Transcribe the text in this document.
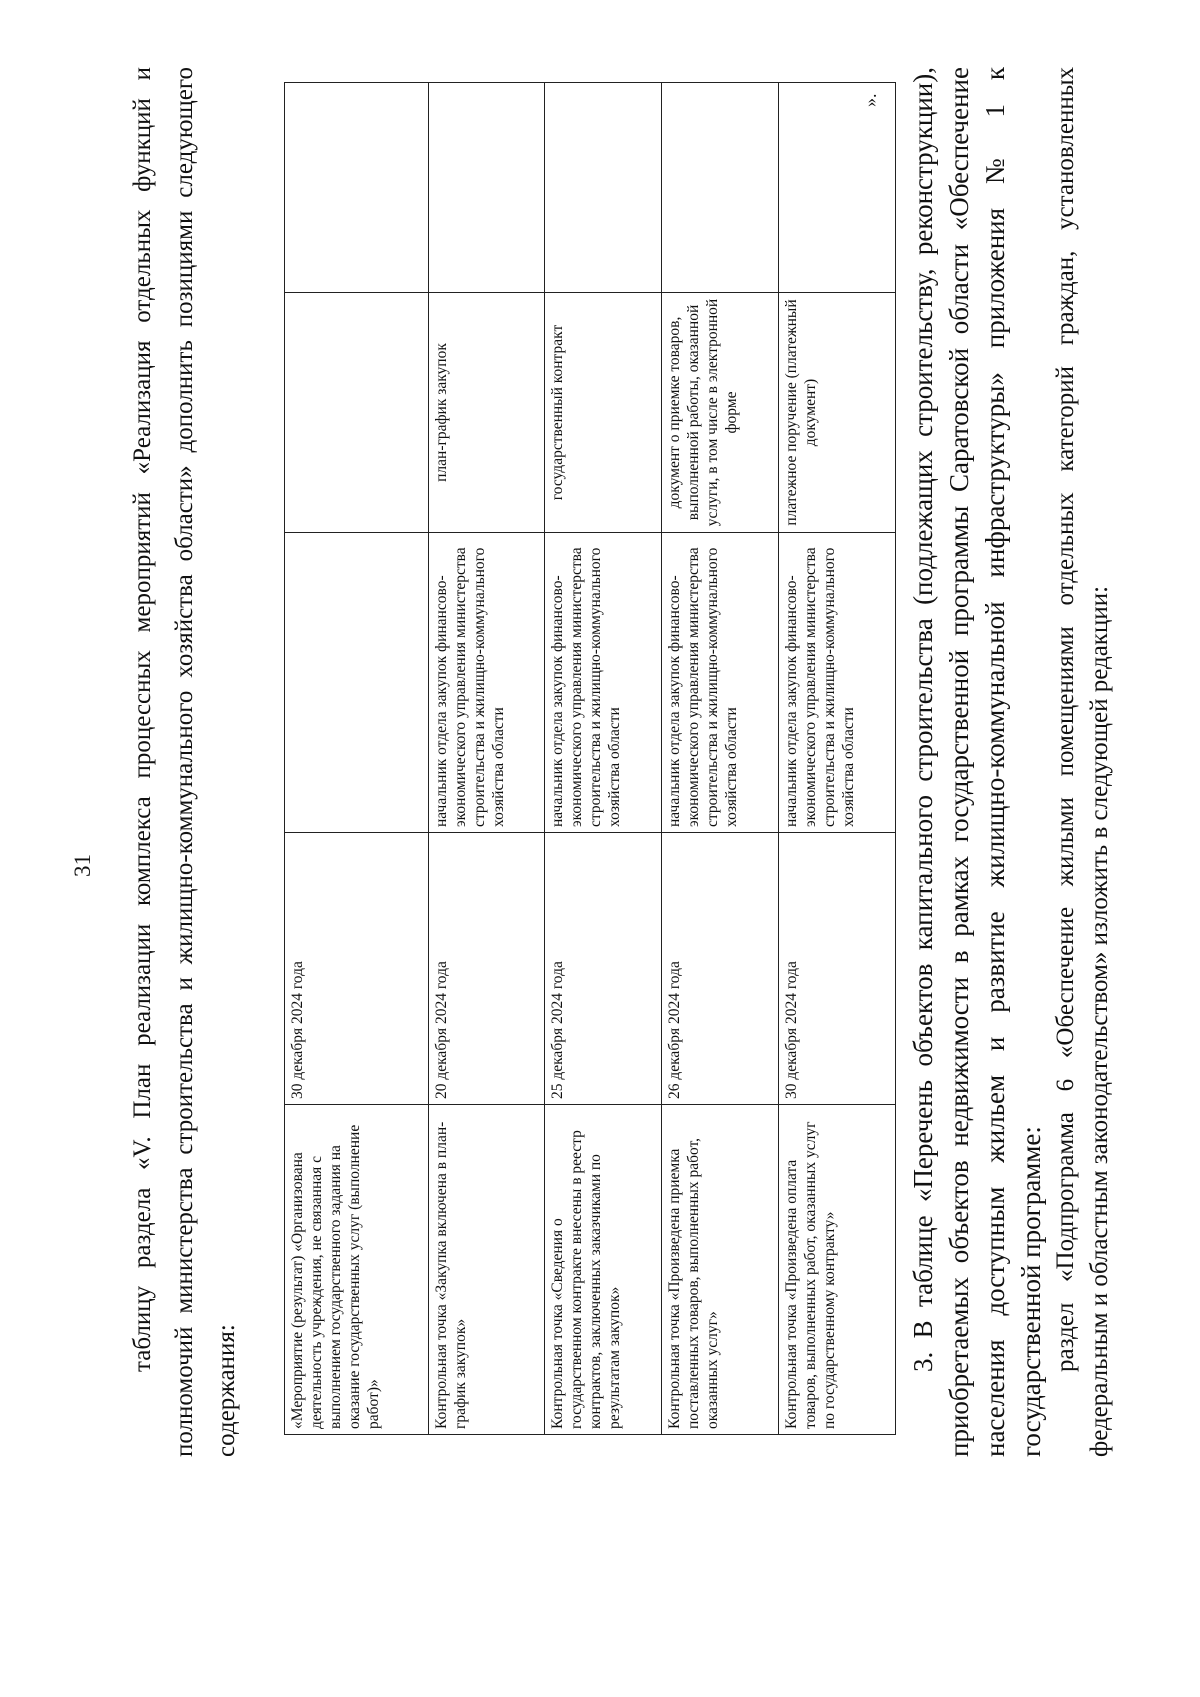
31 таблицу раздела «V. План реализации комплекса процессных мероприятий «Реализация отдельных функций и полномочий министерства строительства и жилищно-коммунального хозяйства области» дополнить позициями следующего содержания:	«Мероприятие (результат) «Организована деятельность учреждения, не связанная с выполнением государственного задания на оказание государственных услуг (выполнение работ)»	30 декабря 2024 года			
Контрольная точка «Закупка включена в план-график закупок»	20 декабря 2024 года	начальник отдела закупок финансово-экономического управления министерства строительства и жилищно-коммунального хозяйства области	план-график закупок	
Контрольная точка «Сведения о государственном контракте внесены в реестр контрактов, заключенных заказчиками по результатам закупок»	25 декабря 2024 года	начальник отдела закупок финансово-экономического управления министерства строительства и жилищно-коммунального хозяйства области	государственный контракт	
Контрольная точка «Произведена приемка поставленных товаров, выполненных работ, оказанных услуг»	26 декабря 2024 года	начальник отдела закупок финансово-экономического управления министерства строительства и жилищно-коммунального хозяйства области	документ о приемке товаров, выполненной работы, оказанной услуги, в том числе в электронной форме	
Контрольная точка «Произведена оплата товаров, выполненных работ, оказанных услуг по государственному контракту»	30 декабря 2024 года	начальник отдела закупок финансово-экономического управления министерства строительства и жилищно-коммунального хозяйства области	платежное поручение (платежный документ)	
». 3. В таблице «Перечень объектов капитального строительства (подлежащих строительству, реконструкции), приобретаемых объектов недвижимости в рамках государственной программы Саратовской области «Обеспечение населения доступным жильем и развитие жилищно-коммунальной инфраструктуры» приложения № 1 к государственной программе: раздел «Подпрограмма 6 «Обеспечение жилыми помещениями отдельных категорий граждан, установленных федеральным и областным законодательством» изложить в следующей редакции:
